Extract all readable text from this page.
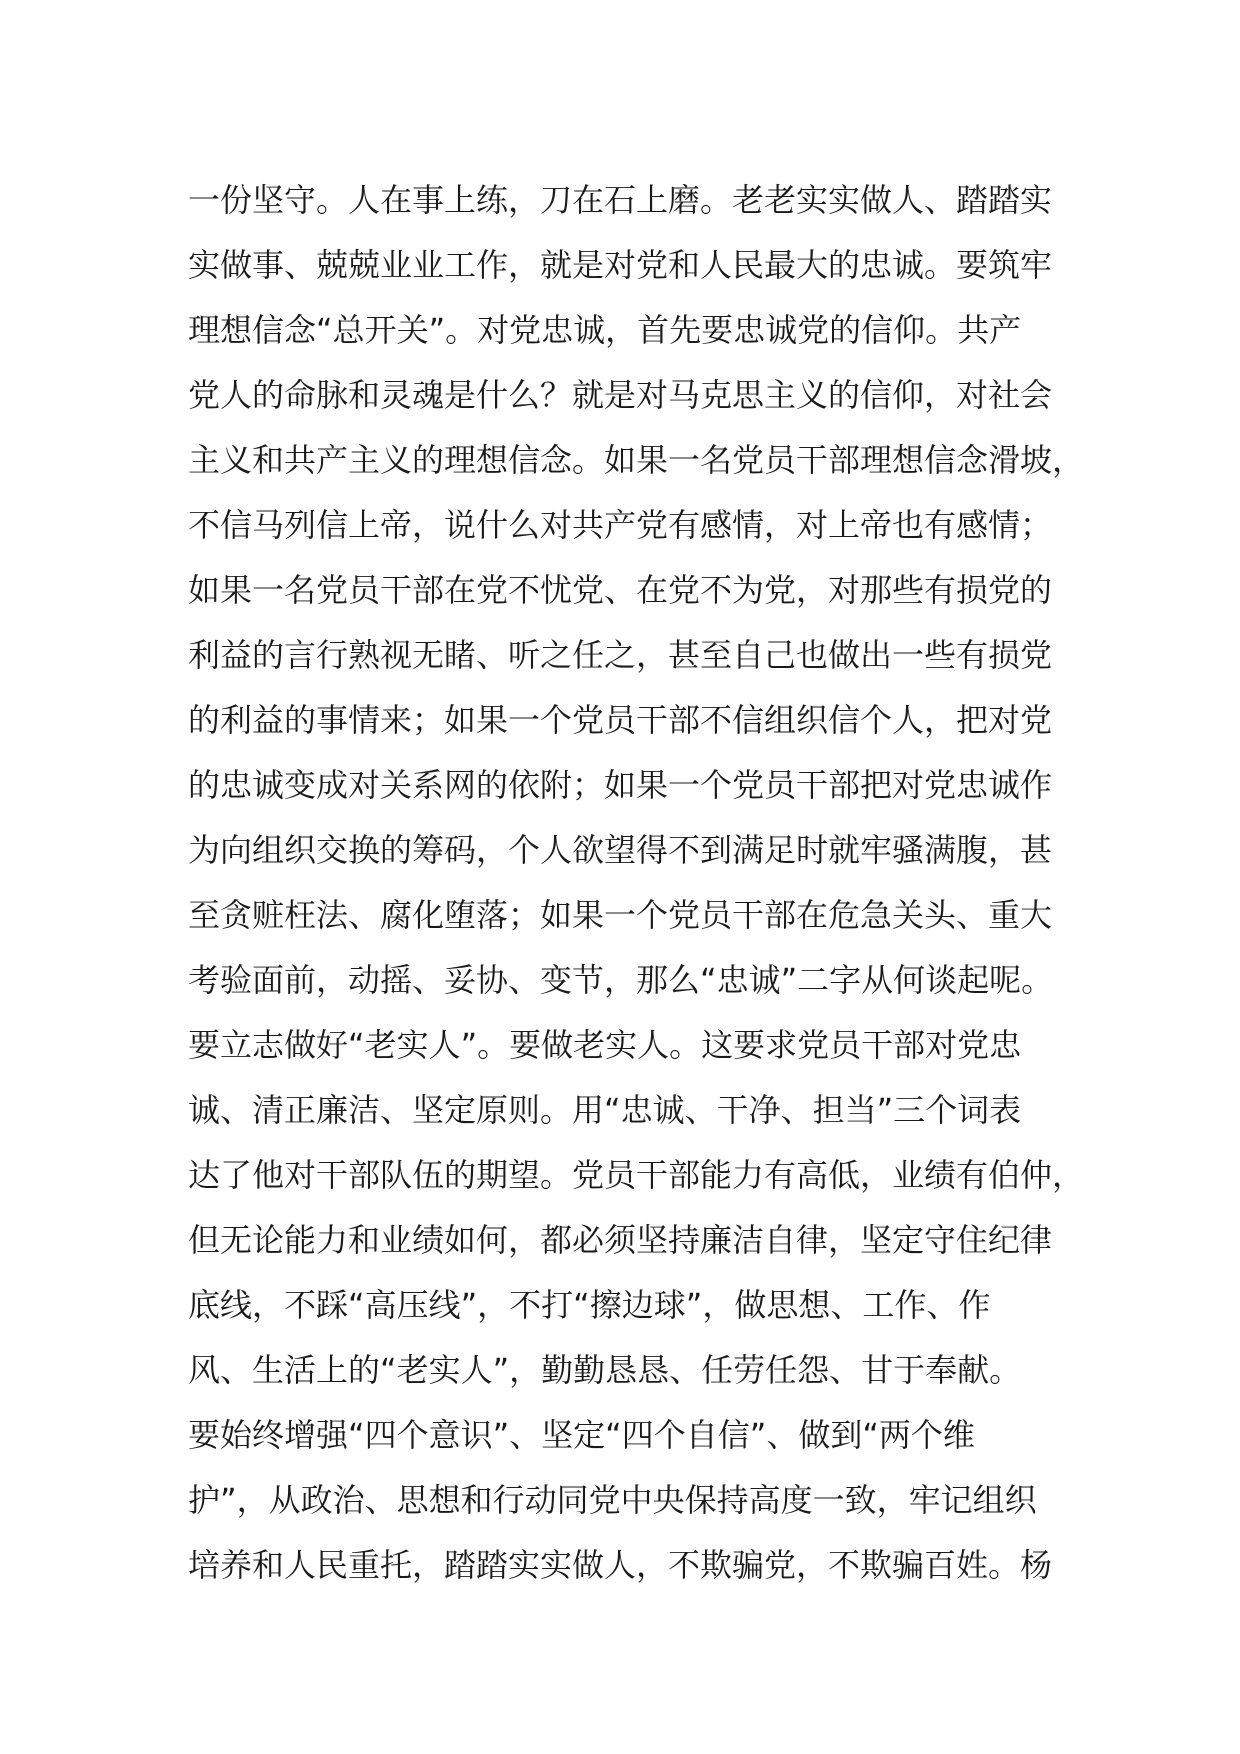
一份坚守。人在事上练，刀在石上磨。老老实实做人、踏踏实
实做事、兢兢业业工作，就是对党和人民最大的忠诚。要筑牢
理想信念“总开关”。对党忠诚，首先要忠诚党的信仰。共产
党人的命脉和灵魂是什么？就是对马克思主义的信仰，对社会
主义和共产主义的理想信念。如果一名党员干部理想信念滑坡，
不信马列信上帝，说什么对共产党有感情，对上帝也有感情；
如果一名党员干部在党不忧党、在党不为党，对那些有损党的
利益的言行熟视无睹、听之任之，甚至自己也做出一些有损党
的利益的事情来；如果一个党员干部不信组织信个人，把对党
的忠诚变成对关系网的依附；如果一个党员干部把对党忠诚作
为向组织交换的筹码，个人欲望得不到满足时就牢骚满腹，甚
至贪赃枉法、腐化堕落；如果一个党员干部在危急关头、重大
考验面前，动摇、妥协、变节，那么“忠诚”二字从何谈起呢。
要立志做好“老实人”。要做老实人。这要求党员干部对党忠
诚、清正廉洁、坚定原则。用“忠诚、干净、担当”三个词表
达了他对干部队伍的期望。党员干部能力有高低，业绩有伯仲，
但无论能力和业绩如何，都必须坚持廉洁自律，坚定守住纪律
底线，不踩“高压线”，不打“擦边球”，做思想、工作、作
风、生活上的“老实人”，勤勤恳恳、任劳任怨、甘于奉献。
要始终增强“四个意识”、坚定“四个自信”、做到“两个维
护”，从政治、思想和行动同党中央保持高度一致，牢记组织
培养和人民重托，踏踏实实做人，不欺骗党，不欺骗百姓。杨
